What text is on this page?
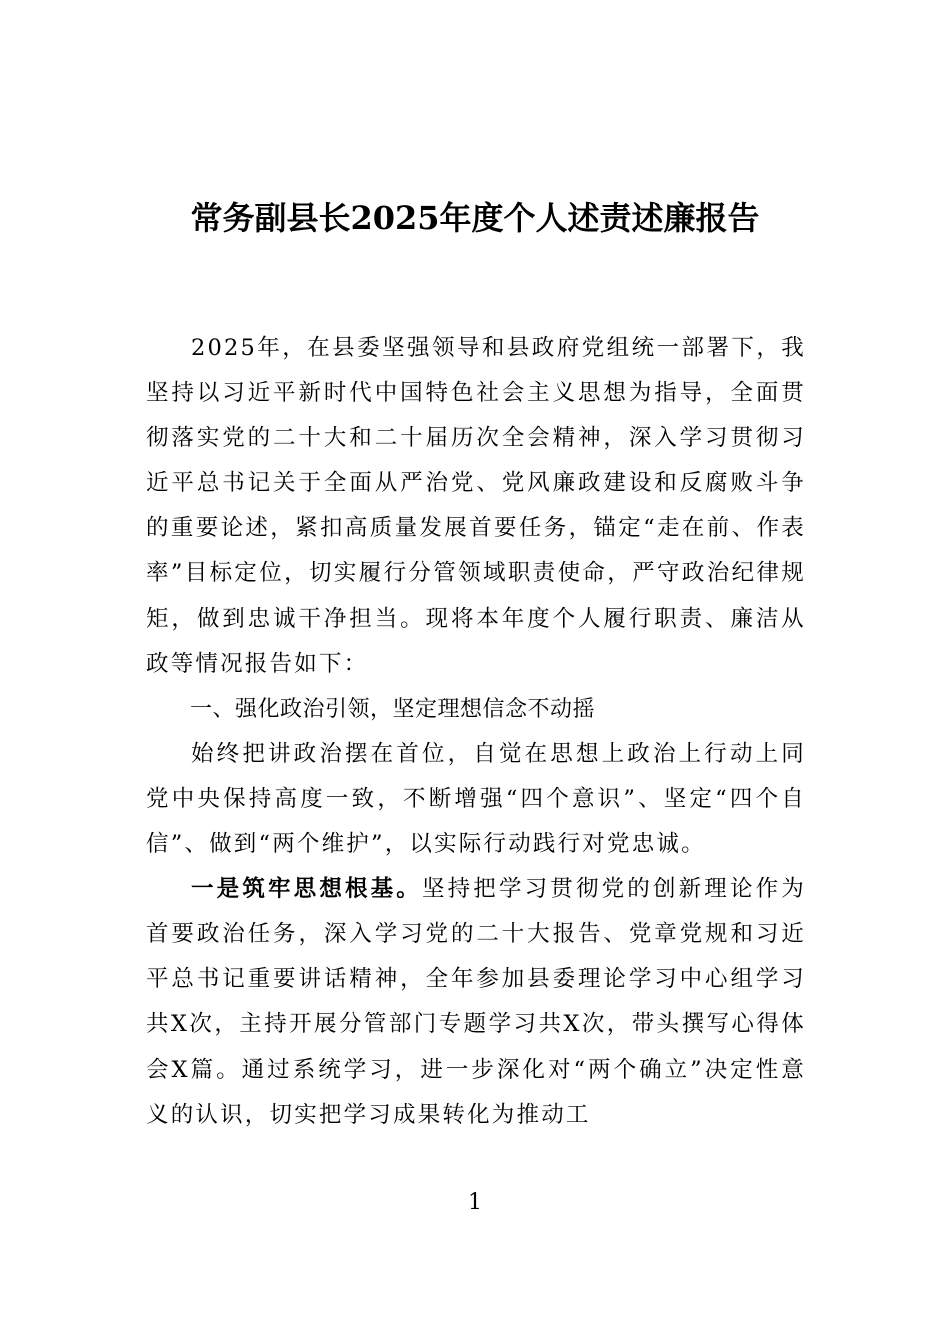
常务副县长2025年度个人述责述廉报告

2025年，在县委坚强领导和县政府党组统一部署下，我坚持以习近平新时代中国特色社会主义思想为指导，全面贯彻落实党的二十大和二十届历次全会精神，深入学习贯彻习近平总书记关于全面从严治党、党风廉政建设和反腐败斗争的重要论述，紧扣高质量发展首要任务，锚定“走在前、作表率”目标定位，切实履行分管领域职责使命，严守政治纪律规矩，做到忠诚干净担当。现将本年度个人履行职责、廉洁从政等情况报告如下：

一、强化政治引领，坚定理想信念不动摇

始终把讲政治摆在首位，自觉在思想上政治上行动上同党中央保持高度一致，不断增强“四个意识”、坚定“四个自信”、做到“两个维护”，以实际行动践行对党忠诚。

一是筑牢思想根基。坚持把学习贯彻党的创新理论作为首要政治任务，深入学习党的二十大报告、党章党规和习近平总书记重要讲话精神，全年参加县委理论学习中心组学习共X次，主持开展分管部门专题学习共X次，带头撰写心得体会X篇。通过系统学习，进一步深化对“两个确立”决定性意义的认识，切实把学习成果转化为推动工

1
